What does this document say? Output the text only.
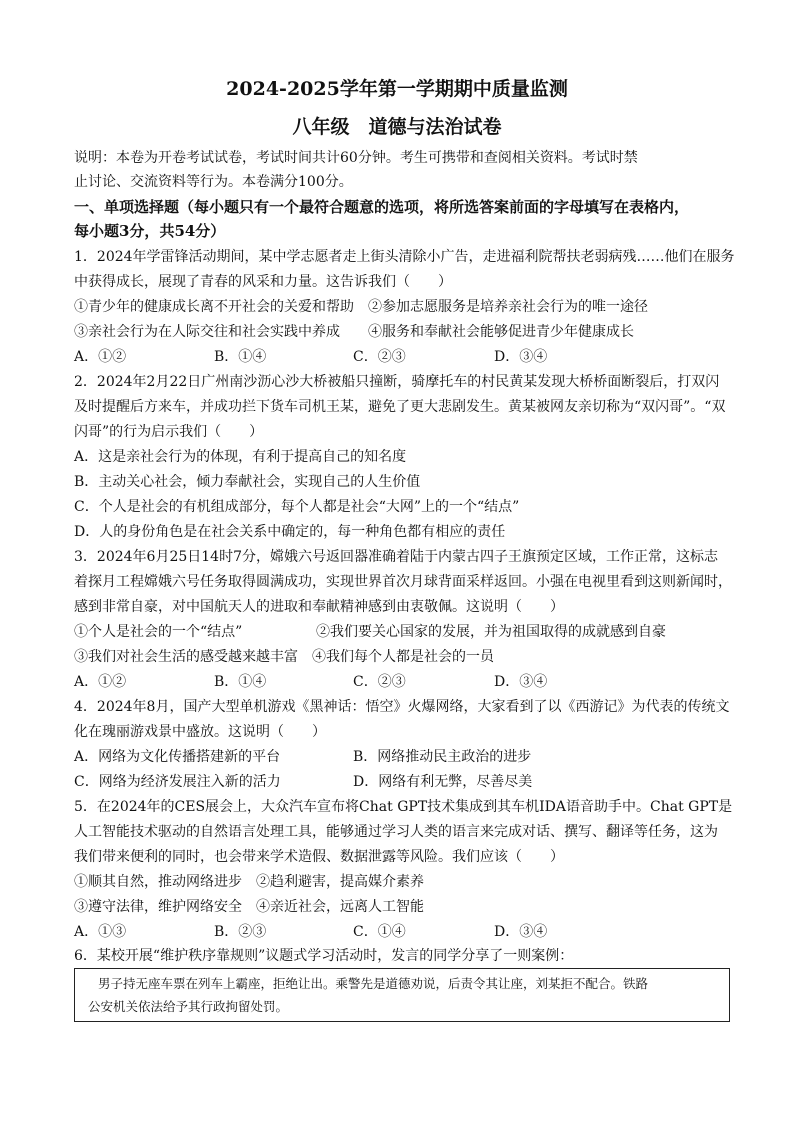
2024-2025学年第一学期期中质量监测
八年级　道德与法治试卷
说明：本卷为开卷考试试卷，考试时间共计60分钟。考生可携带和查阅相关资料。考试时禁
止讨论、交流资料等行为。本卷满分100分。
一、单项选择题（每小题只有一个最符合题意的选项，将所选答案前面的字母填写在表格内，
每小题3分，共54分）
1．2024年学雷锋活动期间，某中学志愿者走上街头清除小广告，走进福利院帮扶老弱病残……他们在服务
中获得成长，展现了青春的风采和力量。这告诉我们（　　）
①青少年的健康成长离不开社会的关爱和帮助　②参加志愿服务是培养亲社会行为的唯一途径
③亲社会行为在人际交往和社会实践中养成　　④服务和奉献社会能够促进青少年健康成长
A．①②	B．①④	C．②③	D．③④
2．2024年2月22日广州南沙沥心沙大桥被船只撞断，骑摩托车的村民黄某发现大桥桥面断裂后，打双闪
及时提醒后方来车，并成功拦下货车司机王某，避免了更大悲剧发生。黄某被网友亲切称为“双闪哥”。“双
闪哥”的行为启示我们（　　）
A．这是亲社会行为的体现，有利于提高自己的知名度
B．主动关心社会，倾力奉献社会，实现自己的人生价值
C．个人是社会的有机组成部分，每个人都是社会“大网”上的一个“结点”
D．人的身份角色是在社会关系中确定的，每一种角色都有相应的责任
3．2024年6月25日14时7分，嫦娥六号返回器准确着陆于内蒙古四子王旗预定区域，工作正常，这标志
着探月工程嫦娥六号任务取得圆满成功，实现世界首次月球背面采样返回。小强在电视里看到这则新闻时，
感到非常自豪，对中国航天人的进取和奉献精神感到由衷敬佩。这说明（　　）
①个人是社会的一个“结点”	②我们要关心国家的发展，并为祖国取得的成就感到自豪
③我们对社会生活的感受越来越丰富　④我们每个人都是社会的一员
A．①②	B．①④	C．②③	D．③④
4．2024年8月，国产大型单机游戏《黑神话：悟空》火爆网络，大家看到了以《西游记》为代表的传统文
化在瑰丽游戏景中盛放。这说明（　　）
A．网络为文化传播搭建新的平台	B．网络推动民主政治的进步
C．网络为经济发展注入新的活力	D．网络有利无弊，尽善尽美
5．在2024年的CES展会上，大众汽车宣布将Chat GPT技术集成到其车机IDA语音助手中。Chat GPT是
人工智能技术驱动的自然语言处理工具，能够通过学习人类的语言来完成对话、撰写、翻译等任务，这为
我们带来便利的同时，也会带来学术造假、数据泄露等风险。我们应该（　　）
①顺其自然，推动网络进步　②趋利避害，提高媒介素养
③遵守法律，维护网络安全　④亲近社会，远离人工智能
A．①③	B．②③	C．①④	D．③④
6．某校开展“维护秩序靠规则”议题式学习活动时，发言的同学分享了一则案例：
男子持无座车票在列车上霸座，拒绝让出。乘警先是道德劝说，后责令其让座，刘某拒不配合。铁路
公安机关依法给予其行政拘留处罚。
